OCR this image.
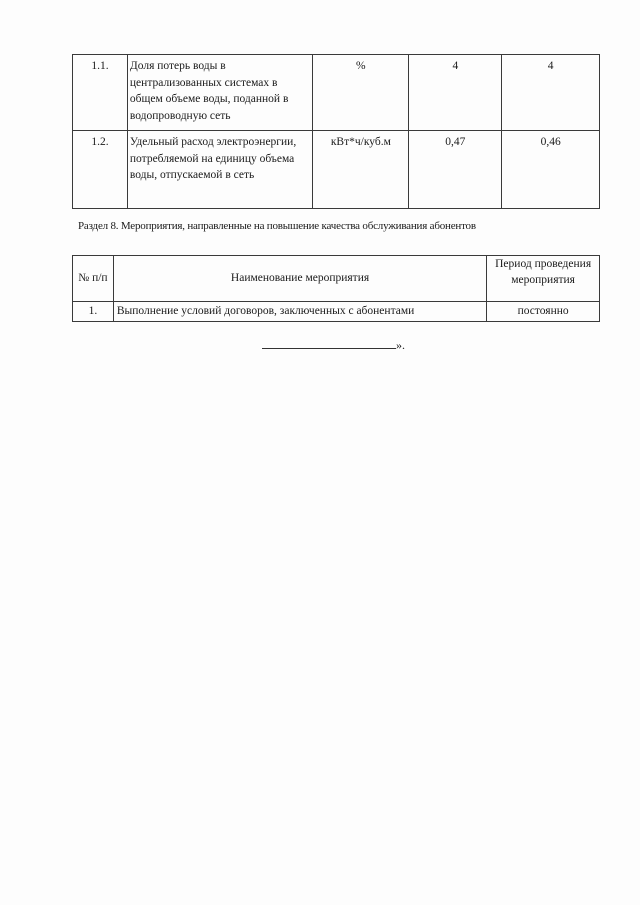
1.1.	Доля потерь воды в централизованных системах в общем объеме воды, поданной в водопроводную сеть	%	4	4
1.2.	Удельный расход электроэнергии, потребляемой на единицу объема воды, отпускаемой в сеть	кВт*ч/куб.м	0,47	0,46
Раздел 8. Мероприятия, направленные на повышение качества обслуживания абонентов
№ п/п	Наименование мероприятия	Период проведения мероприятия
1.	Выполнение условий договоров, заключенных с абонентами	постоянно
».
